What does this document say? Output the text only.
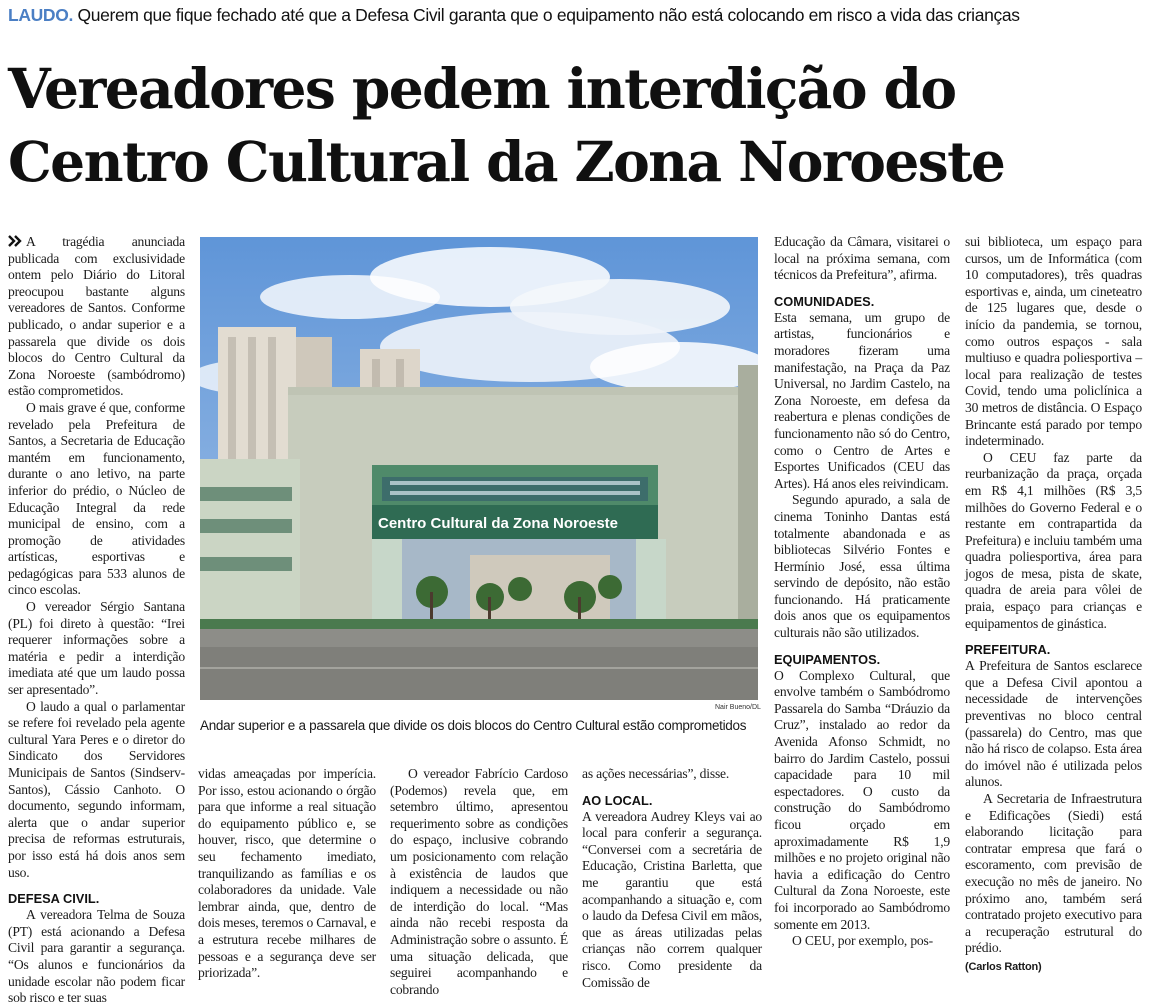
LAUDO. Querem que fique fechado até que a Defesa Civil garanta que o equipamento não está colocando em risco a vida das crianças
Vereadores pedem interdição do
Centro Cultural da Zona Noroeste

A tragédia anunciada publicada com exclusividade ontem pelo Diário do Litoral preocupou bastante alguns vereadores de Santos. Conforme publicado, o andar superior e a passarela que divide os dois blocos do Centro Cultural da Zona Noroeste (sambódromo) estão comprometidos.

O mais grave é que, conforme revelado pela Prefeitura de Santos, a Secretaria de Educação mantém em funcionamento, durante o ano letivo, na parte inferior do prédio, o Núcleo de Educação Integral da rede municipal de ensino, com a promoção de atividades artísticas, esportivas e pedagógicas para 533 alunos de cinco escolas.

O vereador Sérgio Santana (PL) foi direto à questão: “Irei requerer informações sobre a matéria e pedir a interdição imediata até que um laudo possa ser apresentado”.

O laudo a qual o parlamentar se refere foi revelado pela agente cultural Yara Peres e o diretor do Sindicato dos Servidores Municipais de Santos (Sindserv-Santos), Cássio Canhoto. O documento, segundo informam, alerta que o andar superior precisa de reformas estruturais, por isso está há dois anos sem uso.

DEFESA CIVIL.

A vereadora Telma de Souza (PT) está acionando a Defesa Civil para garantir a segurança. “Os alunos e funcionários da unidade escolar não podem ficar sob risco e ter suas

Centro Cultural da Zona Noroeste
Nair Bueno/DL
Andar superior e a passarela que divide os dois blocos do Centro Cultural estão comprometidos

vidas ameaçadas por imperícia. Por isso, estou acionando o órgão para que informe a real situação do equipamento público e, se houver, risco, que determine o seu fechamento imediato, tranquilizando as famílias e os colaboradores da unidade. Vale lembrar ainda, que, dentro de dois meses, teremos o Carnaval, e a estrutura recebe milhares de pessoas e a segurança deve ser priorizada”.

O vereador Fabrício Cardoso (Podemos) revela que, em setembro último, apresentou requerimento sobre as condições do espaço, inclusive cobrando um posicionamento com relação à existência de laudos que indiquem a necessidade ou não de interdição do local. “Mas ainda não recebi resposta da Administração sobre o assunto. É uma situação delicada, que seguirei acompanhando e cobrando

as ações necessárias”, disse.

AO LOCAL.

A vereadora Audrey Kleys vai ao local para conferir a segurança. “Conversei com a secretária de Educação, Cristina Barletta, que me garantiu que está acompanhando a situação e, com o laudo da Defesa Civil em mãos, que as áreas utilizadas pelas crianças não correm qualquer risco. Como presidente da Comissão de

Educação da Câmara, visitarei o local na próxima semana, com técnicos da Prefeitura”, afirma.

COMUNIDADES.

Esta semana, um grupo de artistas, funcionários e moradores fizeram uma manifestação, na Praça da Paz Universal, no Jardim Castelo, na Zona Noroeste, em defesa da reabertura e plenas condições de funcionamento não só do Centro, como o Centro de Artes e Esportes Unificados (CEU das Artes). Há anos eles reivindicam.

Segundo apurado, a sala de cinema Toninho Dantas está totalmente abandonada e as bibliotecas Silvério Fontes e Hermínio José, essa última servindo de depósito, não estão funcionando. Há praticamente dois anos que os equipamentos culturais não são utilizados.

EQUIPAMENTOS.

O Complexo Cultural, que envolve também o Sambódromo Passarela do Samba “Dráuzio da Cruz”, instalado ao redor da Avenida Afonso Schmidt, no bairro do Jardim Castelo, possui capacidade para 10 mil espectadores. O custo da construção do Sambódromo ficou orçado em aproximadamente R$ 1,9 milhões e no projeto original não havia a edificação do Centro Cultural da Zona Noroeste, este foi incorporado ao Sambódromo somente em 2013.

O CEU, por exemplo, pos-

sui biblioteca, um espaço para cursos, um de Informática (com 10 computadores), três quadras esportivas e, ainda, um cineteatro de 125 lugares que, desde o início da pandemia, se tornou, como outros espaços - sala multiuso e quadra poliesportiva – local para realização de testes Covid, tendo uma policlínica a 30 metros de distância. O Espaço Brincante está parado por tempo indeterminado.

O CEU faz parte da reurbanização da praça, orçada em R$ 4,1 milhões (R$ 3,5 milhões do Governo Federal e o restante em contrapartida da Prefeitura) e incluiu também uma quadra poliesportiva, área para jogos de mesa, pista de skate, quadra de areia para vôlei de praia, espaço para crianças e equipamentos de ginástica.

PREFEITURA.

A Prefeitura de Santos esclarece que a Defesa Civil apontou a necessidade de intervenções preventivas no bloco central (passarela) do Centro, mas que não há risco de colapso. Esta área do imóvel não é utilizada pelos alunos.

A Secretaria de Infraestrutura e Edificações (Siedi) está elaborando licitação para contratar empresa que fará o escoramento, com previsão de execução no mês de janeiro. No próximo ano, também será contratado projeto executivo para a recuperação estrutural do prédio.

(Carlos Ratton)
